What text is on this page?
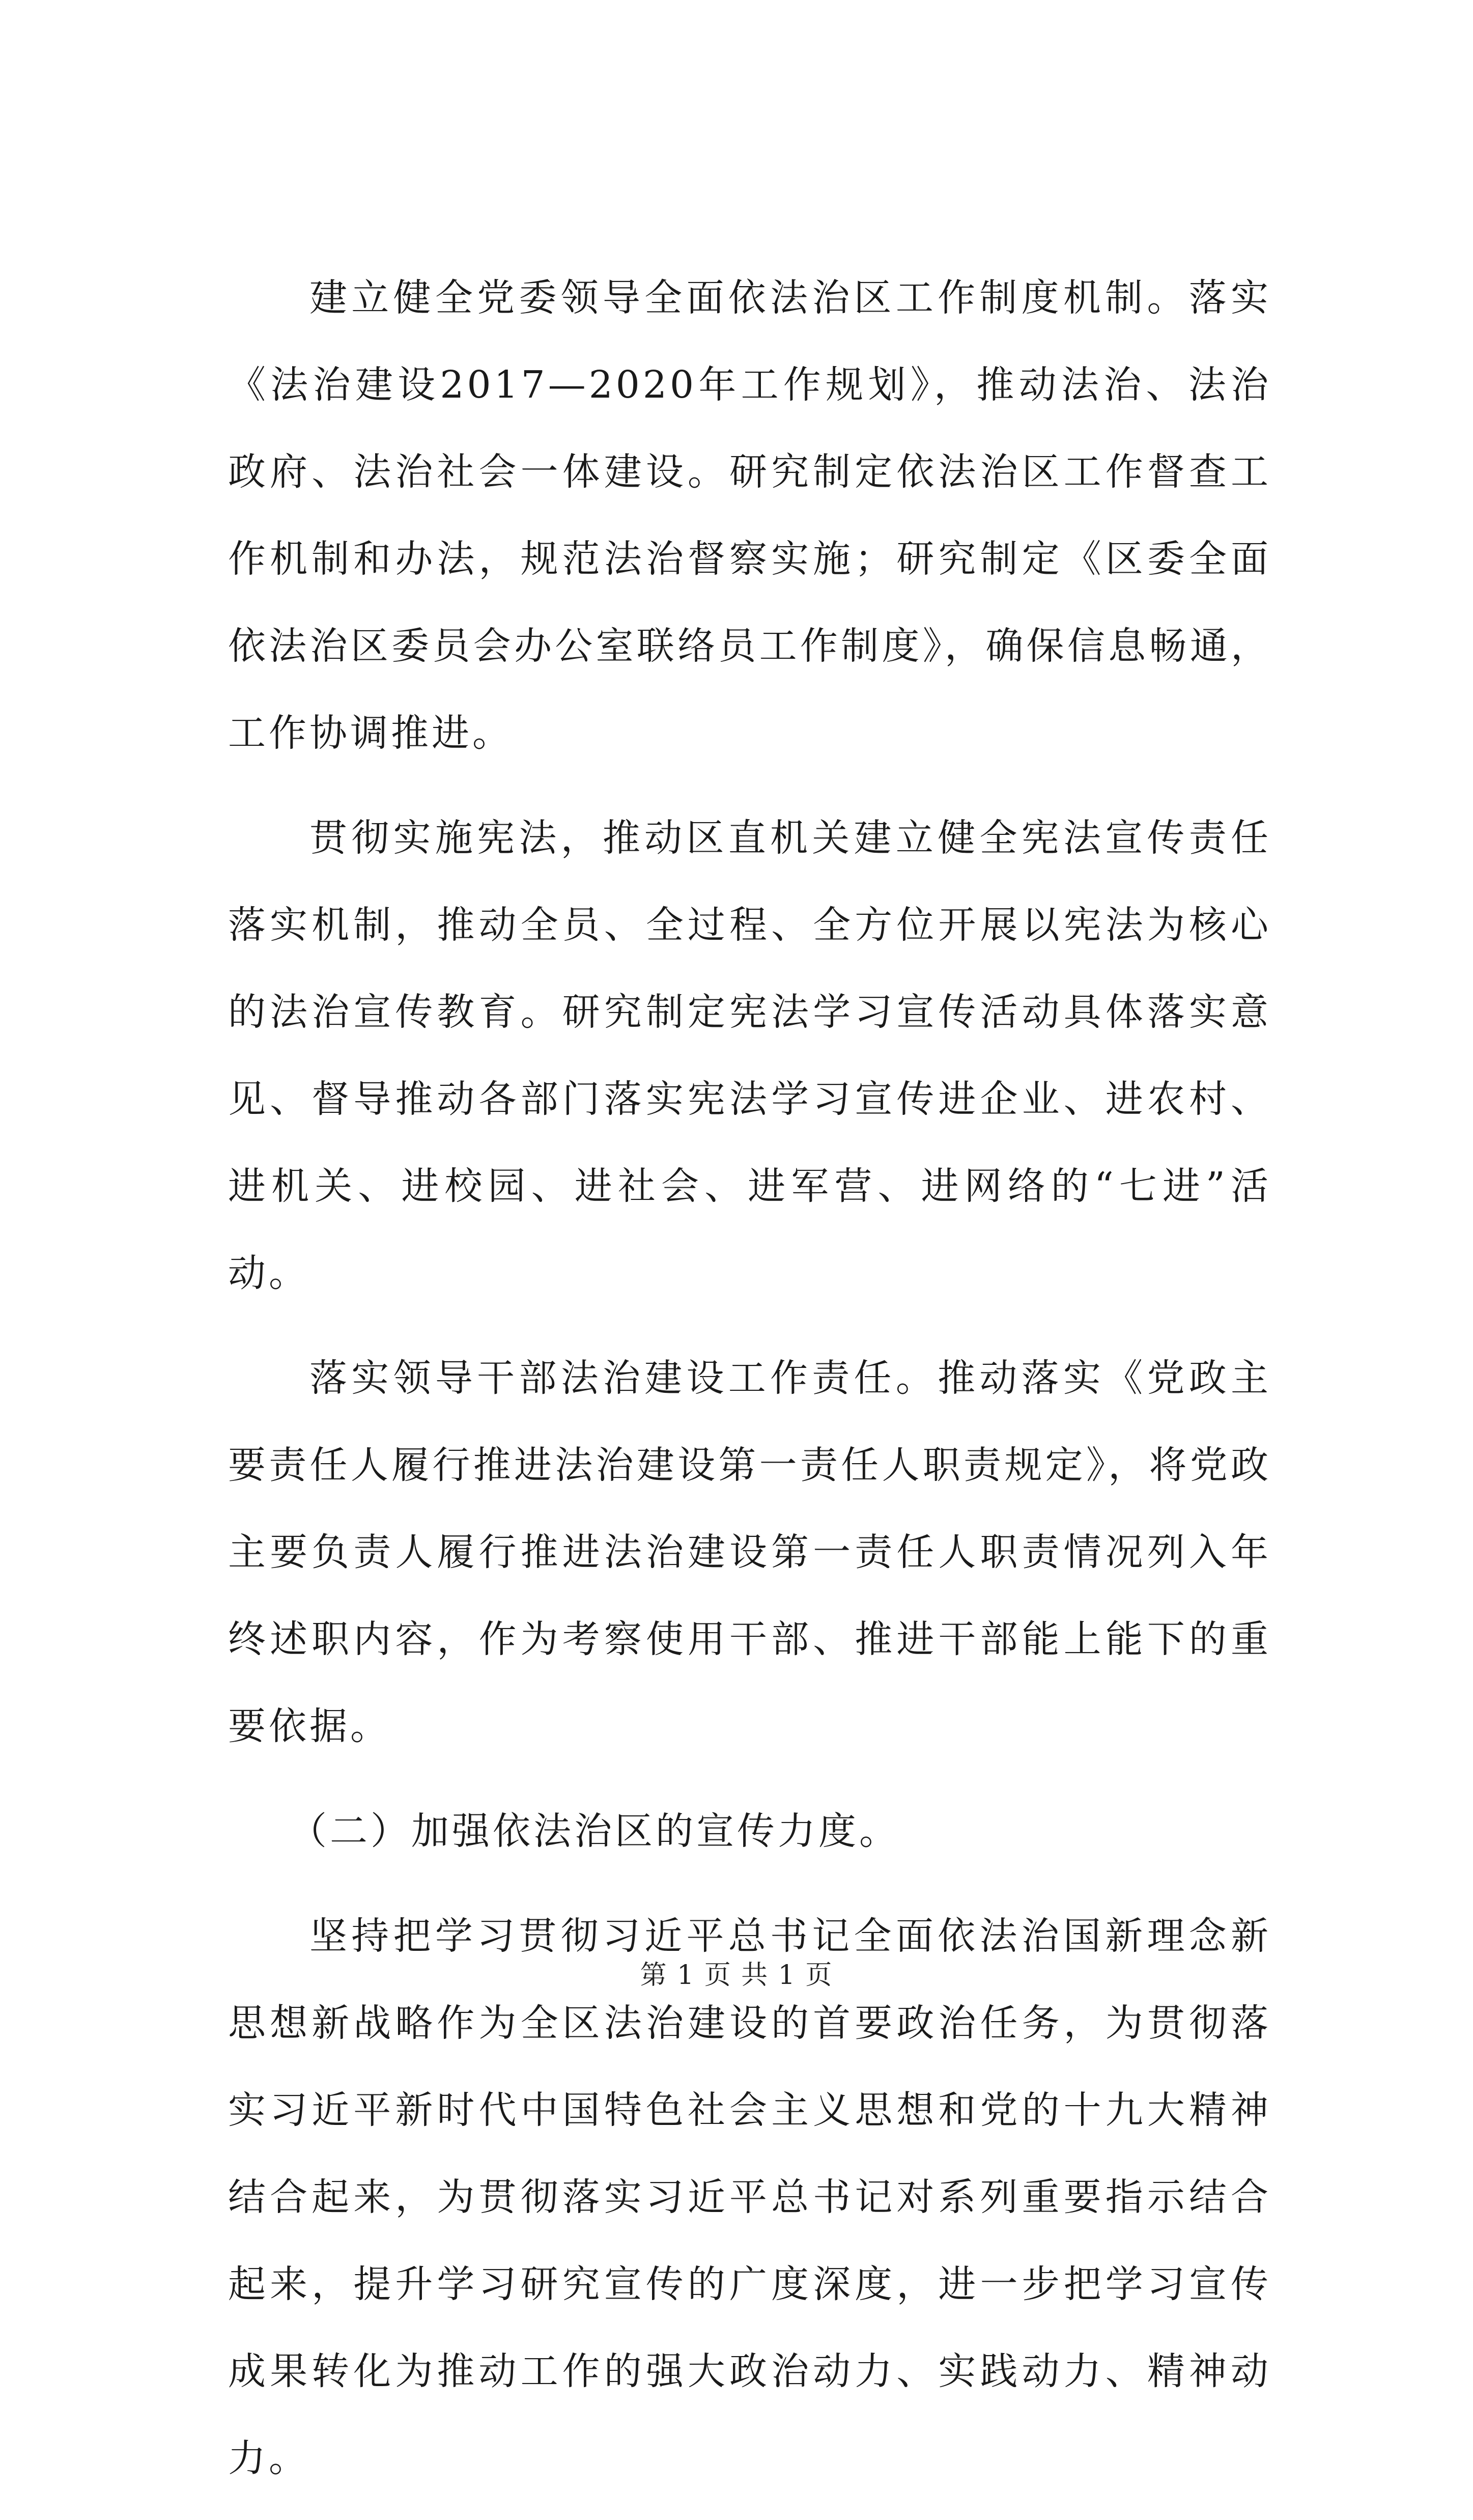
建立健全党委领导全面依法治区工作制度机制。落实《法治建设2017—2020年工作规划》，推动法治、法治政府、法治社会一体建设。研究制定依法治区工作督查工作机制和办法，规范法治督察实施；研究制定《区委全面依法治区委员会办公室联络员工作制度》，确保信息畅通，工作协调推进。

贯彻实施宪法，推动区直机关建立健全宪法宣传责任落实机制，推动全员、全过程、全方位开展以宪法为核心的法治宣传教育。研究制定宪法学习宣传活动具体落实意见、督导推动各部门落实宪法学习宣传进企业、进农村、进机关、进校园、进社会、进军营、进网络的“七进”活动。

落实领导干部法治建设工作责任。推动落实《党政主要责任人履行推进法治建设第一责任人职责规定》，将党政主要负责人履行推进法治建设第一责任人职责情况列入年终述职内容，作为考察使用干部、推进干部能上能下的重要依据。

（二）加强依法治区的宣传力度。

坚持把学习贯彻习近平总书记全面依法治国新理念新思想新战略作为全区法治建设的首要政治任务，为贯彻落实习近平新时代中国特色社会主义思想和党的十九大精神结合起来，为贯彻落实习近平总书记对系列重要指示结合起来，提升学习研究宣传的广度深度，进一步把学习宣传成果转化为推动工作的强大政治动力、实践动力、精神动力。

第 1 页 共 1 页
